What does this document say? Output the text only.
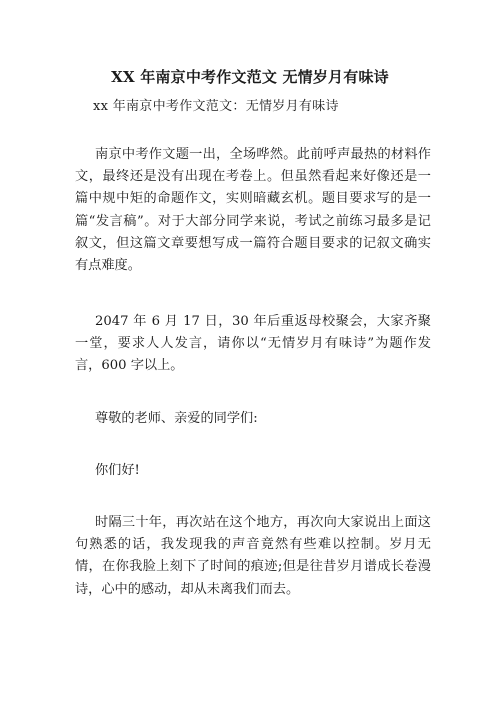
XX 年南京中考作文范文 无情岁月有味诗
xx 年南京中考作文范文：无情岁月有味诗

南京中考作文题一出，全场哗然。此前呼声最热的材料作文，最终还是没有出现在考卷上。但虽然看起来好像还是一篇中规中矩的命题作文，实则暗藏玄机。题目要求写的是一篇“发言稿”。对于大部分同学来说，考试之前练习最多是记叙文，但这篇文章要想写成一篇符合题目要求的记叙文确实有点难度。

2047 年 6 月 17 日，30 年后重返母校聚会，大家齐聚一堂，要求人人发言，请你以“无情岁月有味诗”为题作发言，600 字以上。

尊敬的老师、亲爱的同学们:

你们好!

时隔三十年，再次站在这个地方，再次向大家说出上面这句熟悉的话，我发现我的声音竟然有些难以控制。岁月无情，在你我脸上刻下了时间的痕迹;但是往昔岁月谱成长卷漫诗，心中的感动，却从未离我们而去。
